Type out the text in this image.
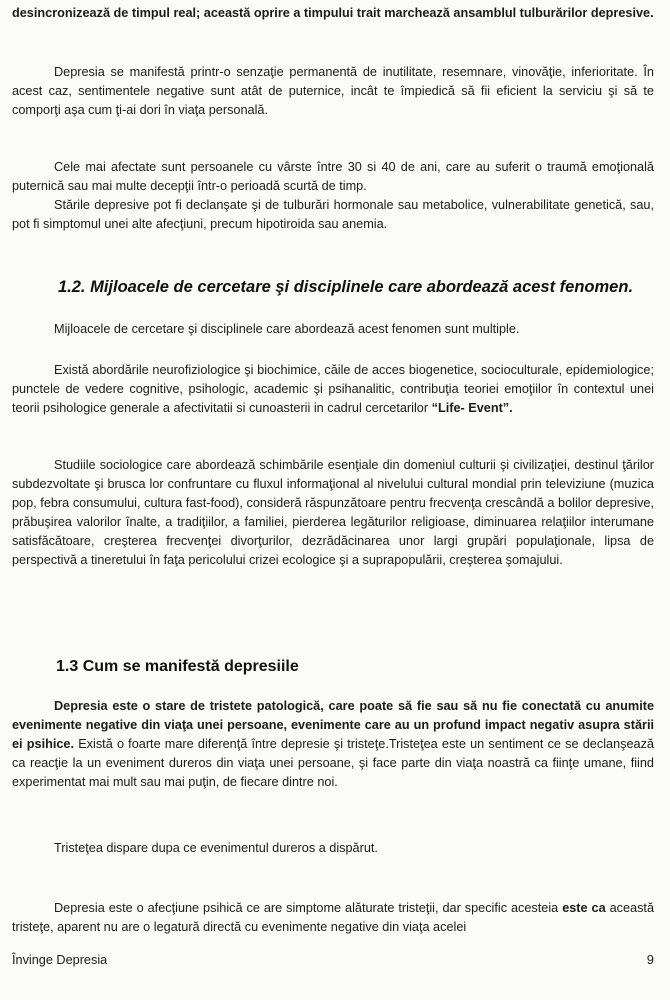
desincronizează de timpul real; această oprire a timpului trait marchează ansamblul tulburărilor depresive.

Depresia se manifestă printr-o senzaţie permanentă de inutilitate, resemnare, vinovăţie, inferioritate. În acest caz, sentimentele negative sunt atât de puternice, incât te împiedică să fii eficient la serviciu şi să te comporţi aşa cum ţi-ai dori în viaţa personală.

Cele mai afectate sunt persoanele cu vârste între 30 si 40 de ani, care au suferit o traumă emoţională puternică sau mai multe decepţii într-o perioadă scurtă de timp.

Stările depresive pot fi declanşate şi de tulburări hormonale sau metabolice, vulnerabilitate genetică, sau, pot fi simptomul unei alte afecţiuni, precum hipotiroida sau anemia.

1.2. Mijloacele de cercetare şi disciplinele care abordează acest fenomen.

Mijloacele de cercetare şi disciplinele care abordează acest fenomen sunt multiple.

Există abordările neurofiziologice şi biochimice, căile de acces biogenetice, socioculturale, epidemiologice; punctele de vedere cognitive, psihologic, academic şi psihanalitic, contribuţia teoriei emoţiilor în contextul unei teorii psihologice generale a afectivitatii si cunoasterii in cadrul cercetarilor “Life- Event”.

Studiile sociologice care abordează schimbările esenţiale din domeniul culturii şi civilizaţiei, destinul ţărilor subdezvoltate şi brusca lor confruntare cu fluxul informaţional al nivelului cultural mondial prin televiziune (muzica pop, febra consumului, cultura fast-food), consideră răspunzătoare pentru frecvenţa crescândă a bolilor depresive, prăbuşirea valorilor înalte, a tradiţiilor, a familiei, pierderea legăturilor religioase, diminuarea relaţiilor interumane satisfăcătoare, creşterea frecvenţei divorţurilor, dezrădăcinarea unor largi grupări populaţionale, lipsa de perspectivă a tineretului în faţa pericolului crizei ecologice şi a suprapopulării, creşterea şomajului.

1.3 Cum se manifestă depresiile

Depresia este o stare de tristete patologică, care poate să fie sau să nu fie conectată cu anumite evenimente negative din viaţa unei persoane, evenimente care au un profund impact negativ asupra stării ei psihice. Există o foarte mare diferenţă între depresie şi tristeţe.Tristeţea este un sentiment ce se declanşează ca reacţie la un eveniment dureros din viaţa unei persoane, şi face parte din viaţa noastră ca fiinţe umane, fiind experimentat mai mult sau mai puţin, de fiecare dintre noi.

Tristeţea dispare dupa ce evenimentul dureros a dispărut.

Depresia este o afecţiune psihică ce are simptome alăturate tristeţii, dar specific acesteia este ca această tristeţe, aparent nu are o legatură directă cu evenimente negative din viaţa acelei

Învinge Depresia	9
